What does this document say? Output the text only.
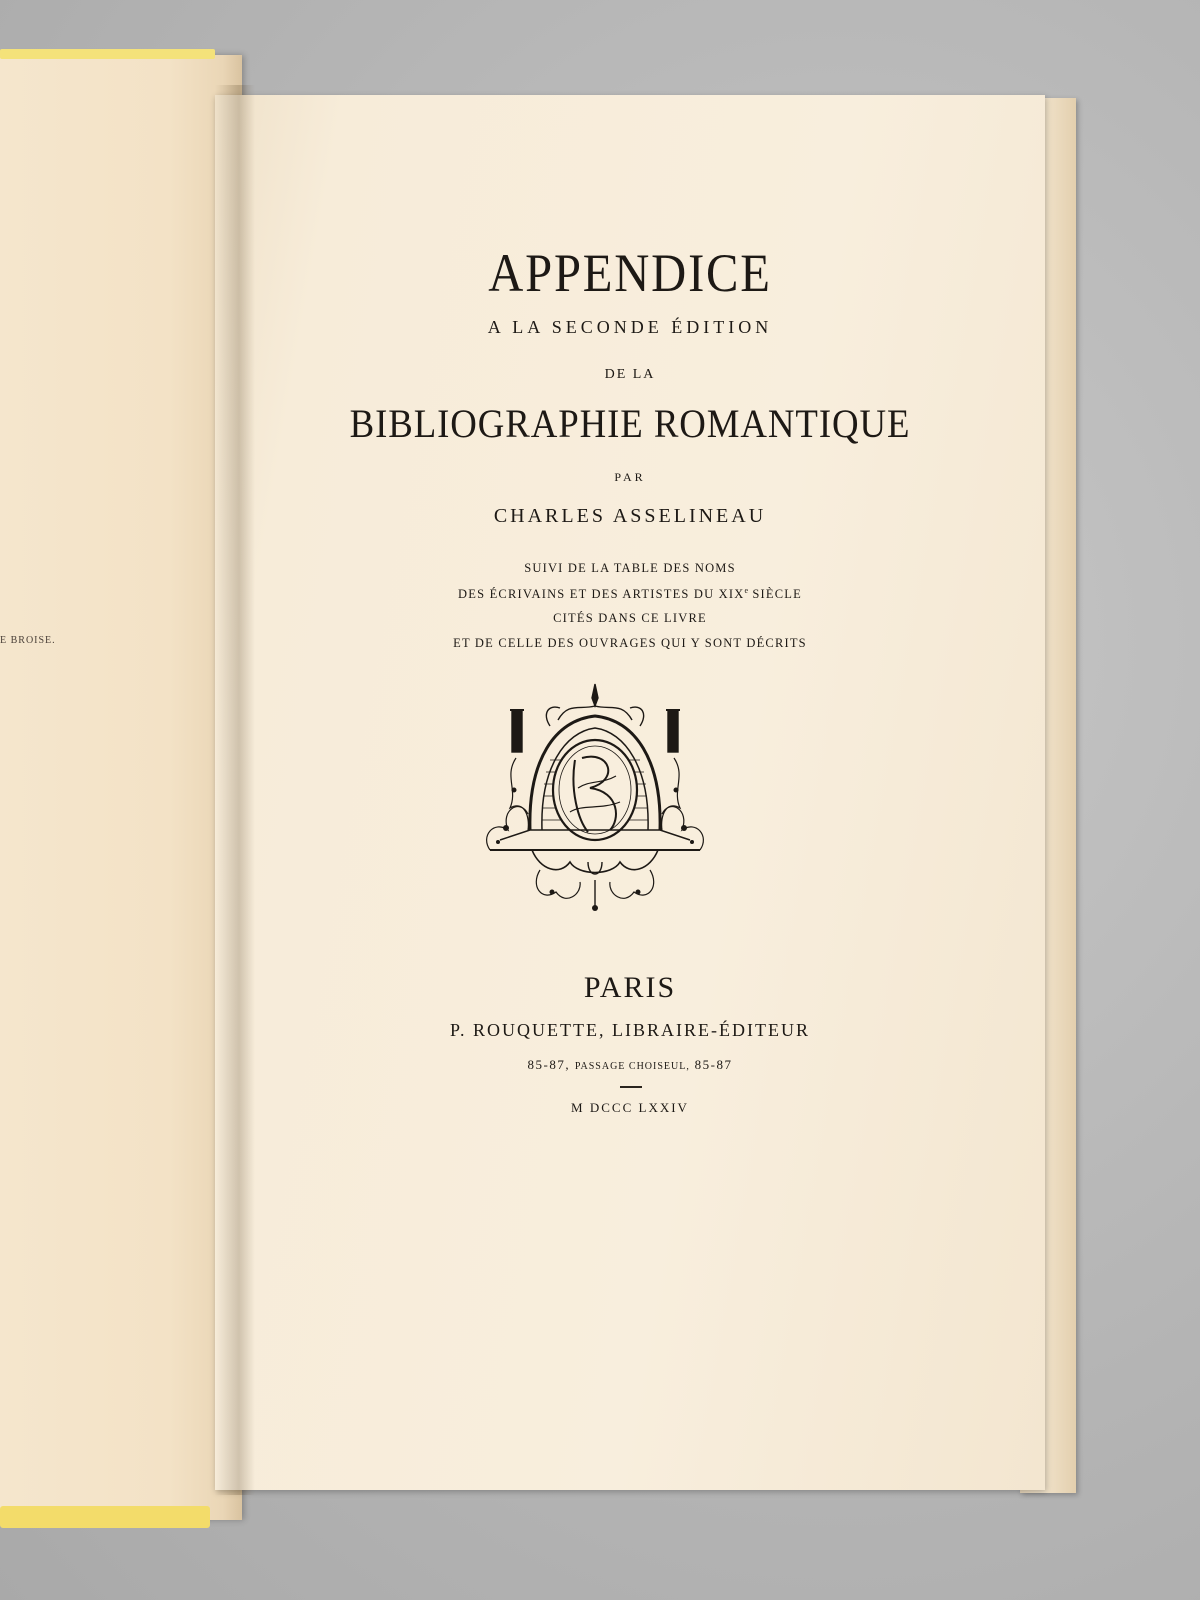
E BROISE.
APPENDICE
A LA SECONDE ÉDITION
DE LA
BIBLIOGRAPHIE ROMANTIQUE
PAR
CHARLES ASSELINEAU
SUIVI DE LA TABLE DES NOMS
DES ÉCRIVAINS ET DES ARTISTES DU XIXe SIÈCLE
CITÉS DANS CE LIVRE
ET DE CELLE DES OUVRAGES QUI Y SONT DÉCRITS
PARIS
P. ROUQUETTE, LIBRAIRE-ÉDITEUR
85-87, PASSAGE CHOISEUL, 85-87
M DCCC LXXIV
